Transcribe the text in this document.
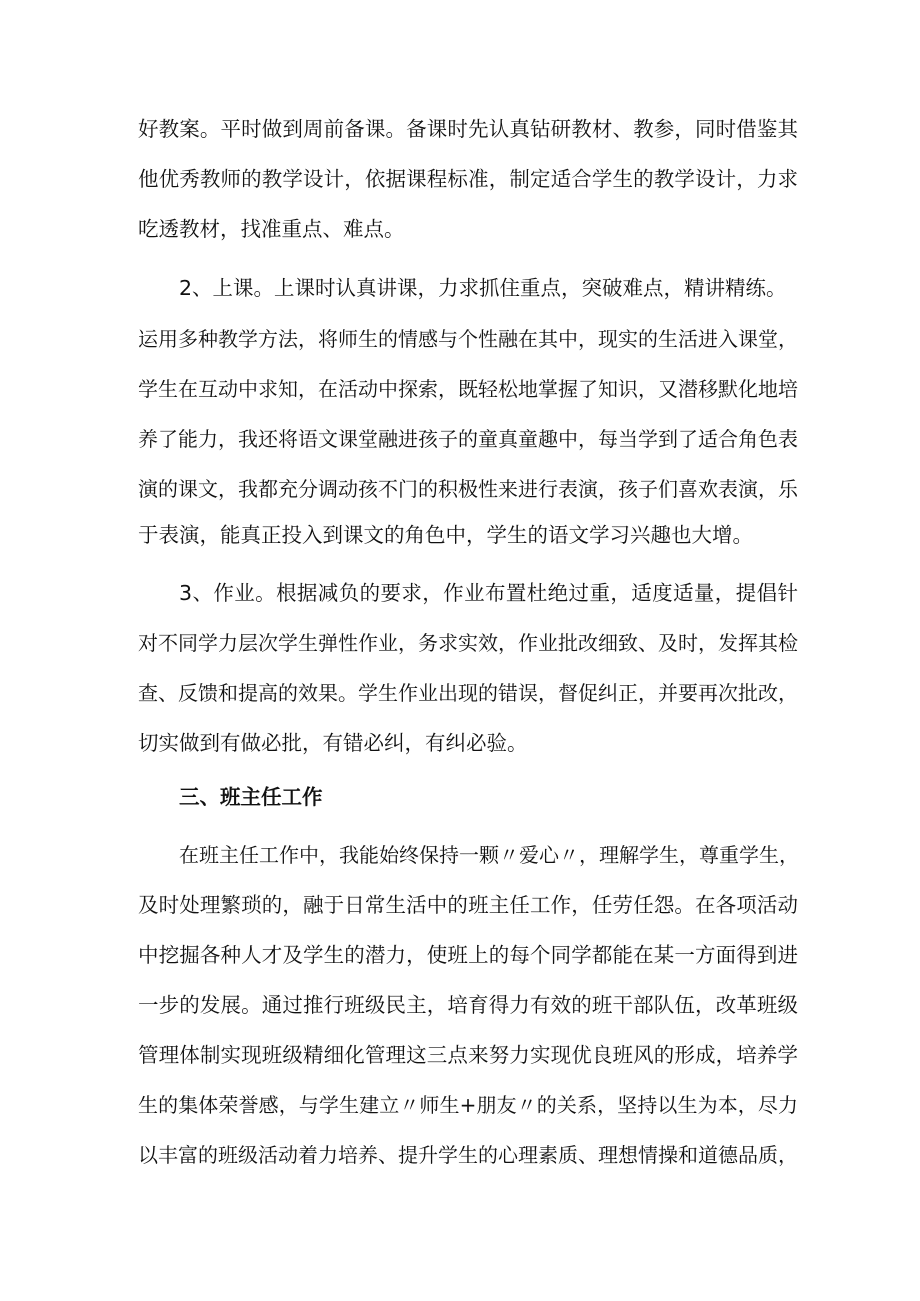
好教案。平时做到周前备课。备课时先认真钻研教材、教参，同时借鉴其
他优秀教师的教学设计，依据课程标准，制定适合学生的教学设计，力求
吃透教材，找准重点、难点。
2、上课。上课时认真讲课，力求抓住重点，突破难点，精讲精练。
运用多种教学方法，将师生的情感与个性融在其中，现实的生活进入课堂，
学生在互动中求知，在活动中探索，既轻松地掌握了知识，又潜移默化地培
养了能力，我还将语文课堂融进孩子的童真童趣中，每当学到了适合角色表
演的课文，我都充分调动孩不门的积极性来进行表演，孩子们喜欢表演，乐
于表演，能真正投入到课文的角色中，学生的语文学习兴趣也大增。
3、作业。根据减负的要求，作业布置杜绝过重，适度适量，提倡针
对不同学力层次学生弹性作业，务求实效，作业批改细致、及时，发挥其检
查、反馈和提高的效果。学生作业出现的错误，督促纠正，并要再次批改，
切实做到有做必批，有错必纠，有纠必验。
三、班主任工作
在班主任工作中，我能始终保持一颗〃爱心〃，理解学生，尊重学生，
及时处理繁琐的，融于日常生活中的班主任工作，任劳任怨。在各项活动
中挖掘各种人才及学生的潜力，使班上的每个同学都能在某一方面得到进
一步的发展。通过推行班级民主，培育得力有效的班干部队伍，改革班级
管理体制实现班级精细化管理这三点来努力实现优良班风的形成，培养学
生的集体荣誉感，与学生建立〃师生+朋友〃的关系，坚持以生为本，尽力
以丰富的班级活动着力培养、提升学生的心理素质、理想情操和道德品质，
